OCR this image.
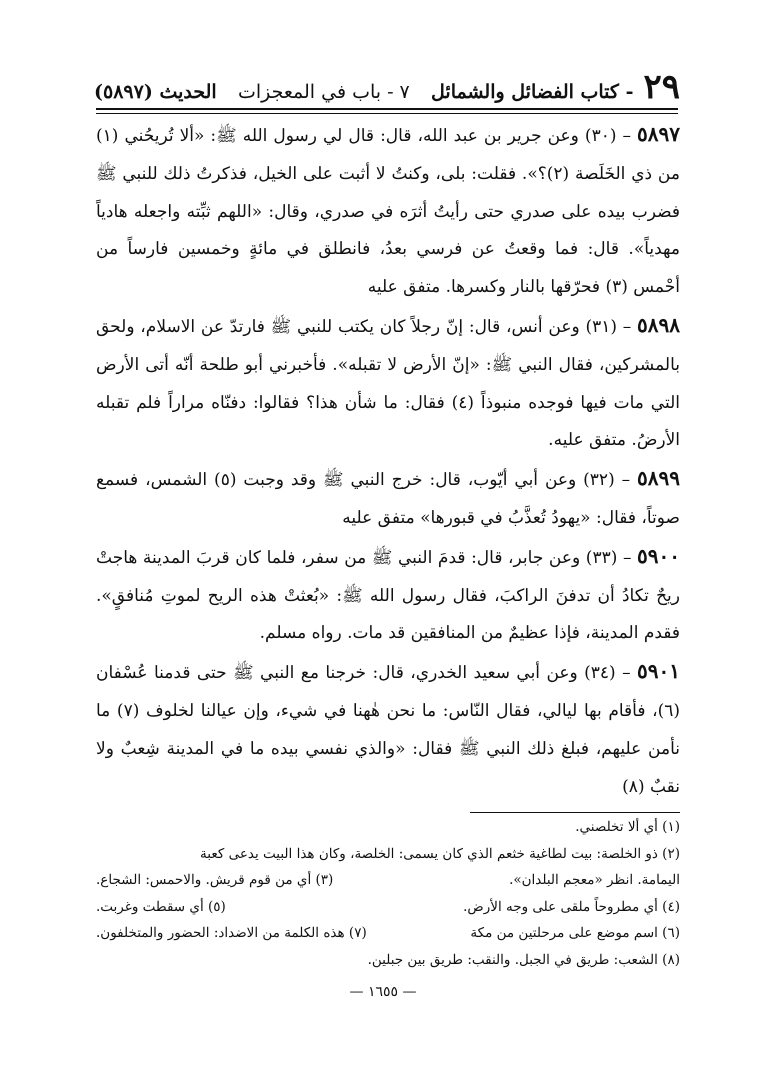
٢٩
- كتاب الفضائل والشمائل
٧ - باب في المعجزات
الحديث (٥٨٩٧)

٥٨٩٧ – (٣٠) وعن جرير بن عبد الله، قال: قال لي رسول الله ﷺ: «ألا تُريحُني (١) من ذي الخَلَصة (٢)؟». فقلت: بلى، وكنتُ لا أثبت على الخيل، فذكرتُ ذلك للنبي ﷺ فضرب بيده على صدري حتى رأيتُ أثرَه في صدري، وقال: «اللهم ثبِّته واجعله هادياً مهدياً». قال: فما وقعتُ عن فرسي بعدُ، فانطلق في مائةٍ وخمسين فارساً من أحْمس (٣) فحرّقها بالنار وكسرها. متفق عليه

٥٨٩٨ – (٣١) وعن أنس، قال: إنّ رجلاً كان يكتب للنبي ﷺ فارتدّ عن الاسلام، ولحق بالمشركين، فقال النبي ﷺ: «إنّ الأرض لا تقبله». فأخبرني أبو طلحة أنّه أتى الأرض التي مات فيها فوجده منبوذاً (٤) فقال: ما شأن هذا؟ فقالوا: دفنّاه مراراً فلم تقبله الأرضُ. متفق عليه.

٥٨٩٩ – (٣٢) وعن أبي أيّوب، قال: خرج النبي ﷺ وقد وجبت (٥) الشمس، فسمع صوتاً، فقال: «يهودُ تُعذَّبُ في قبورها» متفق عليه

٥٩٠٠ – (٣٣) وعن جابر، قال: قدمَ النبي ﷺ من سفر، فلما كان قربَ المدينة هاجتْ ريحٌ تكادُ أن تدفنَ الراكبَ، فقال رسول الله ﷺ: «بُعثتْ هذه الريح لموتِ مُنافقٍ». فقدم المدينة، فإذا عظيمٌ من المنافقين قد مات. رواه مسلم.

٥٩٠١ – (٣٤) وعن أبي سعيد الخدري، قال: خرجنا مع النبي ﷺ حتى قدمنا عُسْفان (٦)، فأقام بها ليالي، فقال النّاس: ما نحن هٰهنا في شيء، وإن عيالنا لخلوف (٧) ما نأمن عليهم، فبلغ ذلك النبي ﷺ فقال: «والذي نفسي بيده ما في المدينة شِعبٌ ولا نقبٌ (٨)

(١) أي ألا تخلصني.
(٢) ذو الخلصة: بيت لطاغية خثعم الذي كان يسمى: الخلصة، وكان هذا البيت يدعى كعبة
اليمامة. انظر «معجم البلدان».
(٣) أي من قوم قريش. والاحمس: الشجاع.
(٤) أي مطروحاً ملقى على وجه الأرض.
(٥) أي سقطت وغربت.
(٦) اسم موضع على مرحلتين من مكة
(٧) هذه الكلمة من الاضداد: الحضور والمتخلفون.
(٨) الشعب: طريق في الجبل. والنقب: طريق بين جبلين.
— ١٦٥٥ —
